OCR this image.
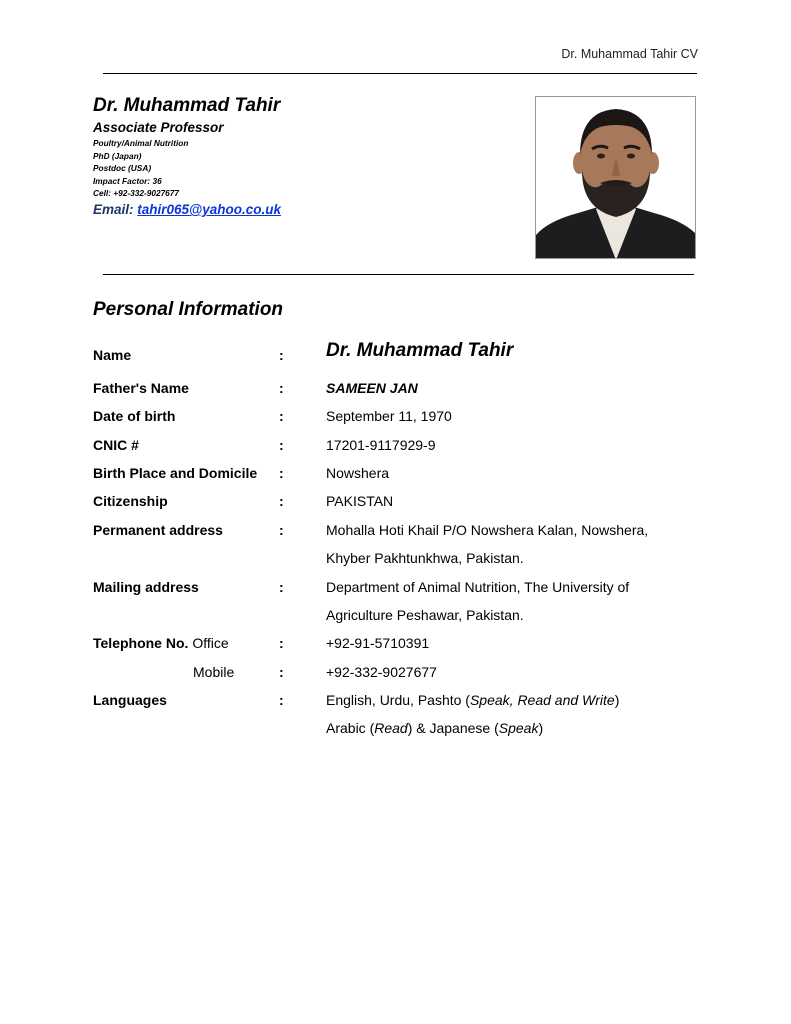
Dr. Muhammad Tahir CV
Dr. Muhammad Tahir
Associate Professor
Poultry/Animal Nutrition
PhD (Japan)
Postdoc (USA)
Impact Factor: 36
Cell: +92-332-9027677
Email: tahir065@yahoo.co.uk
Personal Information
Name	: Dr. Muhammad Tahir
Father's Name	:	SAMEEN JAN
Date of birth	:	September 11, 1970
CNIC #	:	17201-9117929-9
Birth Place and Domicile :	Nowshera
Citizenship	:	PAKISTAN
Permanent address	:	Mohalla Hoti Khail P/O Nowshera Kalan, Nowshera,
Khyber Pakhtunkhwa, Pakistan.
Mailing address	:	Department of Animal Nutrition, The University of
Agriculture Peshawar, Pakistan.
Telephone No. Office	:	+92-91-5710391
Mobile	:	+92-332-9027677
Languages	:	English, Urdu, Pashto (Speak, Read and Write)
Arabic (Read) & Japanese (Speak)
